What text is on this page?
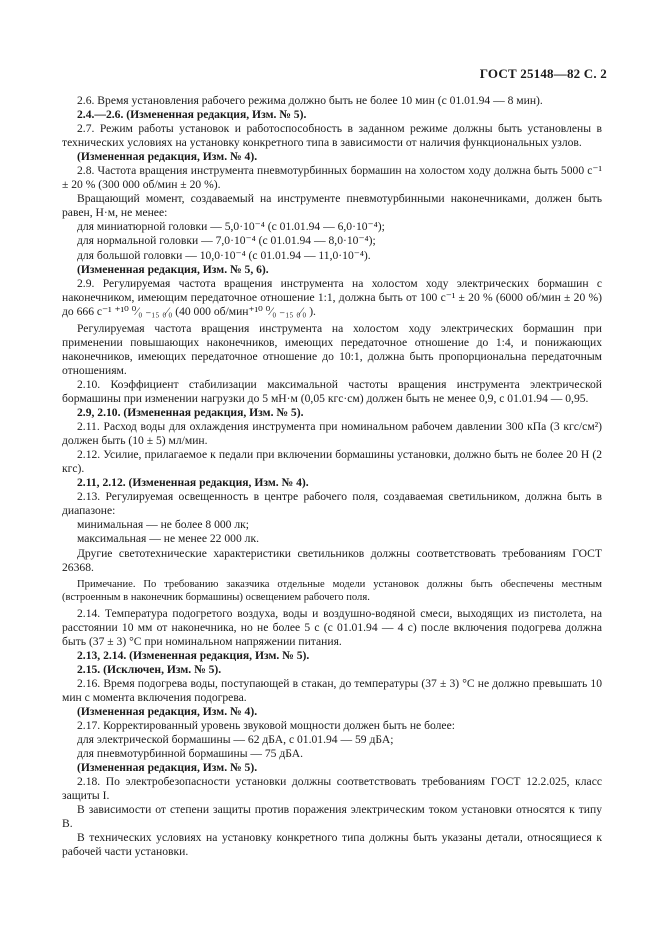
ГОСТ 25148—82 С. 2

2.6. Время установления рабочего режима должно быть не более 10 мин (с 01.01.94 — 8 мин).

2.4.—2.6. (Измененная редакция, Изм. № 5).

2.7. Режим работы установок и работоспособность в заданном режиме должны быть установлены в технических условиях на установку конкретного типа в зависимости от наличия функциональных узлов.

(Измененная редакция, Изм. № 4).

2.8. Частота вращения инструмента пневмотурбинных бормашин на холостом ходу должна быть 5000 с⁻¹ ± 20 % (300 000 об/мин ± 20 %).

Вращающий момент, создаваемый на инструменте пневмотурбинными наконечниками, должен быть равен, Н·м, не менее:

для миниатюрной головки — 5,0·10⁻⁴ (с 01.01.94 — 6,0·10⁻⁴);

для нормальной головки — 7,0·10⁻⁴ (с 01.01.94 — 8,0·10⁻⁴);

для большой головки — 10,0·10⁻⁴ (с 01.01.94 — 11,0·10⁻⁴).

(Измененная редакция, Изм. № 5, 6).

2.9. Регулируемая частота вращения инструмента на холостом ходу электрических бормашин с наконечником, имеющим передаточное отношение 1:1, должна быть от 100 с⁻¹ ± 20 % (6000 об/мин ± 20 %) до 666 с⁻¹ ⁺¹⁰ ⁰⁄₀ ₋₁₅ ₀⁄₀ (40 000 об/мин⁺¹⁰ ⁰⁄₀ ₋₁₅ ₀⁄₀ ).

Регулируемая частота вращения инструмента на холостом ходу электрических бормашин при применении повышающих наконечников, имеющих передаточное отношение до 1:4, и понижающих наконечников, имеющих передаточное отношение до 10:1, должна быть пропорциональна передаточным отношениям.

2.10. Коэффициент стабилизации максимальной частоты вращения инструмента электрической бормашины при изменении нагрузки до 5 мН·м (0,05 кгс·см) должен быть не менее 0,9, с 01.01.94 — 0,95.

2.9, 2.10. (Измененная редакция, Изм. № 5).

2.11. Расход воды для охлаждения инструмента при номинальном рабочем давлении 300 кПа (3 кгс/см²) должен быть (10 ± 5) мл/мин.

2.12. Усилие, прилагаемое к педали при включении бормашины установки, должно быть не более 20 Н (2 кгс).

2.11, 2.12. (Измененная редакция, Изм. № 4).

2.13. Регулируемая освещенность в центре рабочего поля, создаваемая светильником, должна быть в диапазоне:

минимальная — не более 8 000 лк;

максимальная — не менее 22 000 лк.

Другие светотехнические характеристики светильников должны соответствовать требованиям ГОСТ 26368.

Примечание. По требованию заказчика отдельные модели установок должны быть обеспечены местным (встроенным в наконечник бормашины) освещением рабочего поля.

2.14. Температура подогретого воздуха, воды и воздушно-водяной смеси, выходящих из пистолета, на расстоянии 10 мм от наконечника, но не более 5 с (с 01.01.94 — 4 с) после включения подогрева должна быть (37 ± 3) °С при номинальном напряжении питания.

2.13, 2.14. (Измененная редакция, Изм. № 5).

2.15. (Исключен, Изм. № 5).

2.16. Время подогрева воды, поступающей в стакан, до температуры (37 ± 3) °С не должно превышать 10 мин с момента включения подогрева.

(Измененная редакция, Изм. № 4).

2.17. Корректированный уровень звуковой мощности должен быть не более:

для электрической бормашины — 62 дБА, с 01.01.94 — 59 дБА;

для пневмотурбинной бормашины — 75 дБА.

(Измененная редакция, Изм. № 5).

2.18. По электробезопасности установки должны соответствовать требованиям ГОСТ 12.2.025, класс защиты I.

В зависимости от степени защиты против поражения электрическим током установки относятся к типу В.

В технических условиях на установку конкретного типа должны быть указаны детали, относящиеся к рабочей части установки.
